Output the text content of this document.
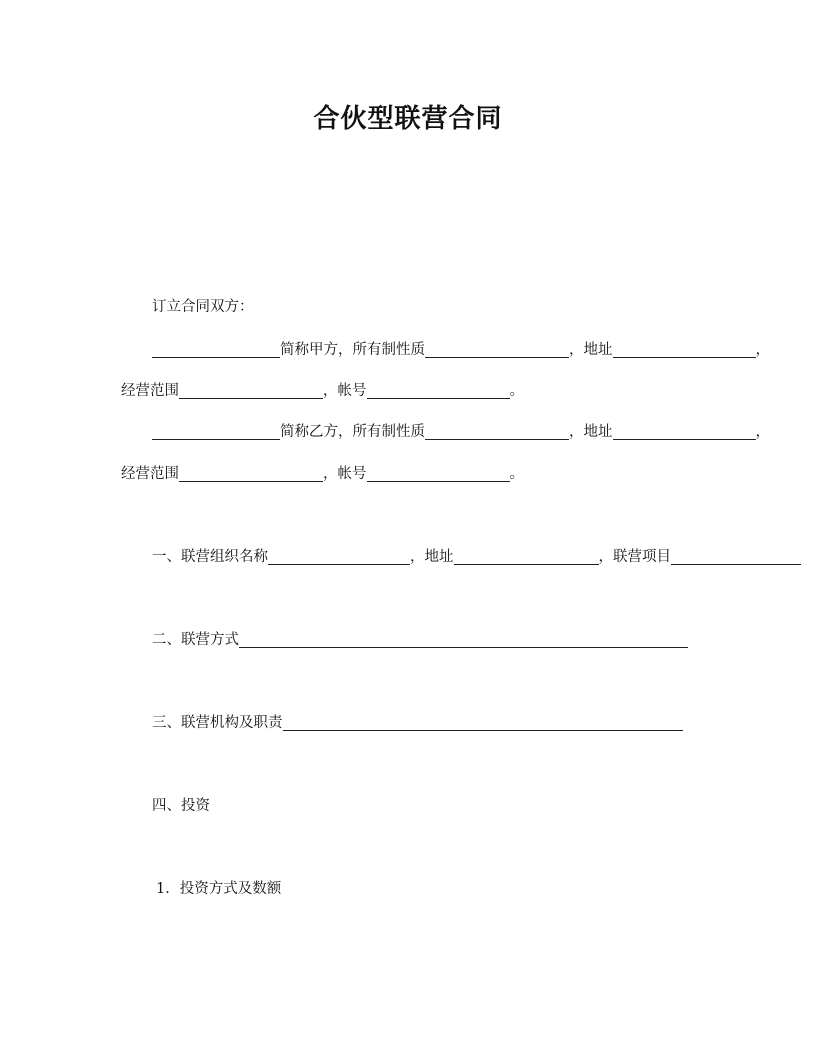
合伙型联营合同
订立合同双方：
简称甲方，所有制性质	，地址	，
经营范围	，帐号	。
简称乙方，所有制性质	，地址	，
经营范围	，帐号	。
一、联营组织名称	，地址	，联营项目
二、联营方式
三、联营机构及职责
四、投资
1．投资方式及数额
